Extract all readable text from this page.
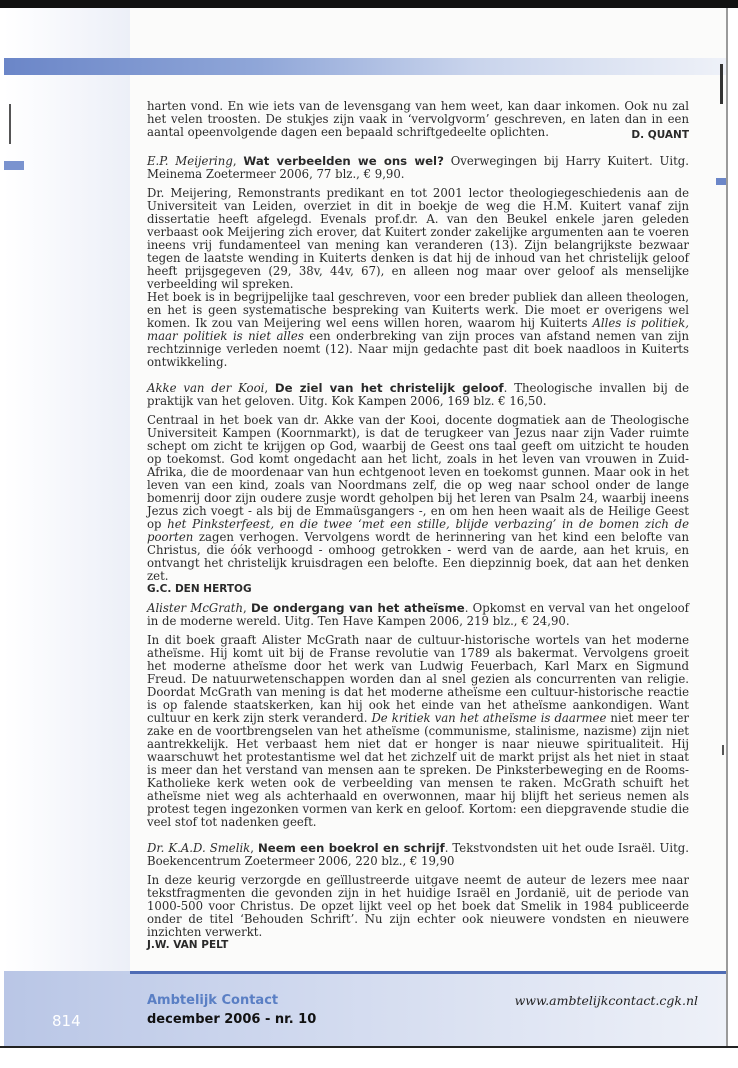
harten vond. En wie iets van de levensgang van hem weet, kan daar inkomen. Ook nu zal het velen troosten. De stukjes zijn vaak in ‘vervolgvorm’ geschreven, en laten dan in een aantal opeenvolgende dagen een bepaald schriftgedeelte oplichten.	D. QUANT

E.P. Meijering, Wat verbeelden we ons wel? Overwegingen bij Harry Kuitert. Uitg. Meinema Zoetermeer 2006, 77 blz., € 9,90.

Dr. Meijering, Remonstrants predikant en tot 2001 lector theologiegeschiedenis aan de Universiteit van Leiden, overziet in dit in boekje de weg die H.M. Kuitert vanaf zijn dissertatie heeft afgelegd. Evenals prof.dr. A. van den Beukel enkele jaren geleden verbaast ook Meijering zich erover, dat Kuitert zonder zakelijke argumenten aan te voeren ineens vrij fundamenteel van mening kan veranderen (13). Zijn belangrijkste bezwaar tegen de laatste wending in Kuiterts denken is dat hij de inhoud van het christelijk geloof heeft prijsgegeven (29, 38v, 44v, 67), en alleen nog maar over geloof als menselijke verbeelding wil spreken.

Het boek is in begrijpelijke taal geschreven, voor een breder publiek dan alleen theologen, en het is geen systematische bespreking van Kuiterts werk. Die moet er overigens wel komen. Ik zou van Meijering wel eens willen horen, waarom hij Kuiterts Alles is politiek, maar politiek is niet alles een onderbreking van zijn proces van afstand nemen van zijn rechtzinnige verleden noemt (12). Naar mijn gedachte past dit boek naadloos in Kuiterts ontwikkeling.

Akke van der Kooi, De ziel van het christelijk geloof. Theologische invallen bij de praktijk van het geloven. Uitg. Kok Kampen 2006, 169 blz. € 16,50.

Centraal in het boek van dr. Akke van der Kooi, docente dogmatiek aan de Theologische Universiteit Kampen (Koornmarkt), is dat de terugkeer van Jezus naar zijn Vader ruimte schept om zicht te krijgen op God, waarbij de Geest ons taal geeft om uitzicht te houden op toekomst. God komt ongedacht aan het licht, zoals in het leven van vrouwen in Zuid-Afrika, die de moordenaar van hun echtgenoot leven en toekomst gunnen. Maar ook in het leven van een kind, zoals van Noordmans zelf, die op weg naar school onder de lange bomenrij door zijn oudere zusje wordt geholpen bij het leren van Psalm 24, waarbij ineens Jezus zich voegt - als bij de Emmaüsgangers -, en om hen heen waait als de Heilige Geest op het Pinksterfeest, en die twee ‘met een stille, blijde verbazing’ in de bomen zich de poorten zagen verhogen. Vervolgens wordt de herinnering van het kind een belofte van Christus, die óók verhoogd - omhoog getrokken - werd van de aarde, aan het kruis, en ontvangt het christelijk kruisdragen een belofte. Een diepzinnig boek, dat aan het denken zet.

G.C. DEN HERTOG

Alister McGrath, De ondergang van het atheïsme. Opkomst en verval van het ongeloof in de moderne wereld. Uitg. Ten Have Kampen 2006, 219 blz., € 24,90.

In dit boek graaft Alister McGrath naar de cultuur-historische wortels van het moderne atheïsme. Hij komt uit bij de Franse revolutie van 1789 als bakermat. Vervolgens groeit het moderne atheïsme door het werk van Ludwig Feuerbach, Karl Marx en Sigmund Freud. De natuurwetenschappen worden dan al snel gezien als concurrenten van religie. Doordat McGrath van mening is dat het moderne atheïsme een cultuur-historische reactie is op falende staatskerken, kan hij ook het einde van het atheïsme aankondigen. Want cultuur en kerk zijn sterk veranderd. De kritiek van het atheïsme is daarmee niet meer ter zake en de voortbrengselen van het atheïsme (communisme, stalinisme, nazisme) zijn niet aantrekkelijk. Het verbaast hem niet dat er honger is naar nieuwe spiritualiteit. Hij waarschuwt het protestantisme wel dat het zichzelf uit de markt prijst als het niet in staat is meer dan het verstand van mensen aan te spreken. De Pinksterbeweging en de Rooms-Katholieke kerk weten ook de verbeelding van mensen te raken. McGrath schuift het atheïsme niet weg als achterhaald en overwonnen, maar hij blijft het serieus nemen als protest tegen ingezonken vormen van kerk en geloof. Kortom: een diepgravende studie die veel stof tot nadenken geeft.

Dr. K.A.D. Smelik, Neem een boekrol en schrijf. Tekstvondsten uit het oude Israël. Uitg. Boekencentrum Zoetermeer 2006, 220 blz., € 19,90

In deze keurig verzorgde en geïllustreerde uitgave neemt de auteur de lezers mee naar tekstfragmenten die gevonden zijn in het huidige Israël en Jordanië, uit de periode van 1000-500 voor Christus. De opzet lijkt veel op het boek dat Smelik in 1984 publiceerde onder de titel ‘Behouden Schrift’. Nu zijn echter ook nieuwere vondsten en nieuwere inzichten verwerkt.

J.W. VAN PELT

814
Ambtelijk Contact
december 2006 - nr. 10
www.ambtelijkcontact.cgk.nl
